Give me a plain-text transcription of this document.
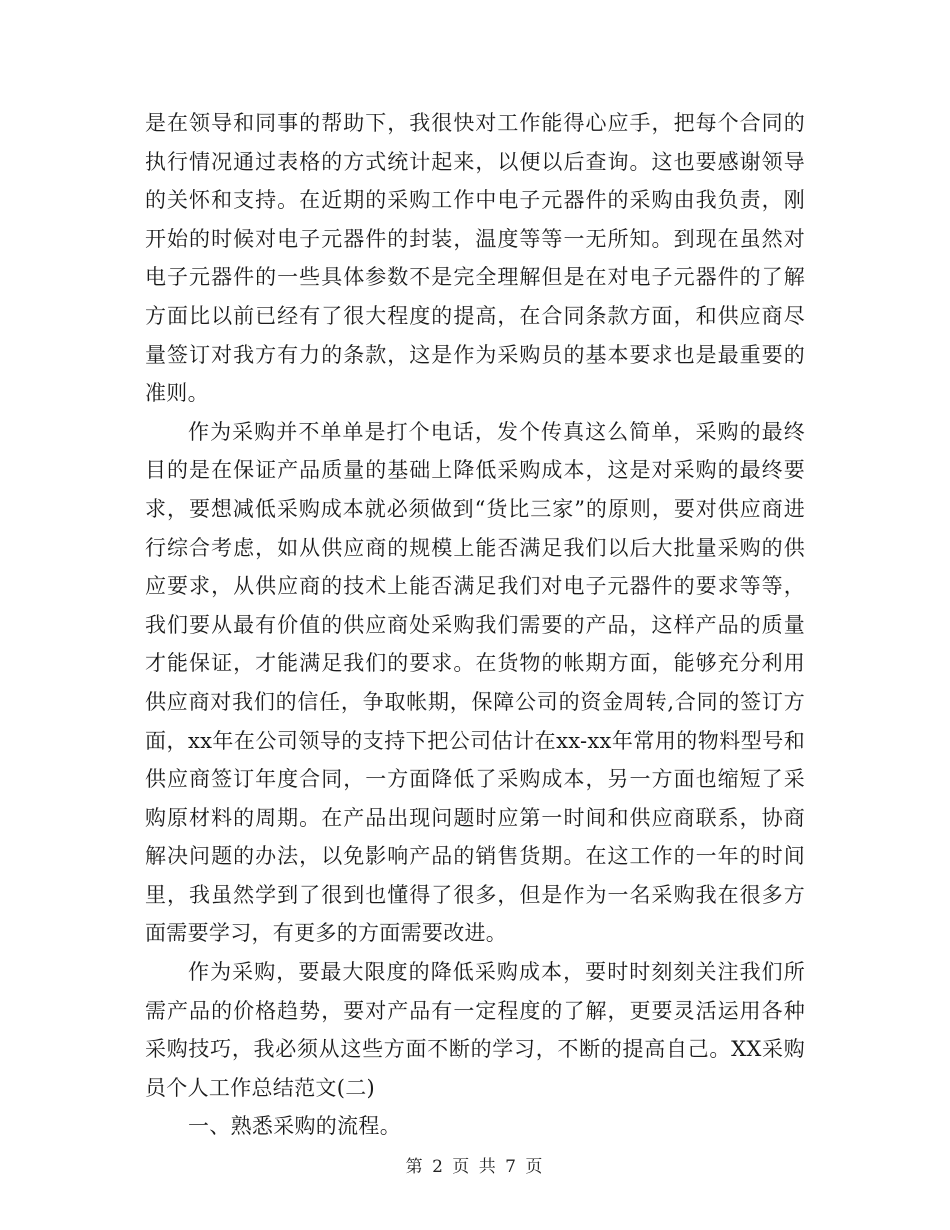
是在领导和同事的帮助下，我很快对工作能得心应手，把每个合同的执行情况通过表格的方式统计起来，以便以后查询。这也要感谢领导的关怀和支持。在近期的采购工作中电子元器件的采购由我负责，刚开始的时候对电子元器件的封装，温度等等一无所知。到现在虽然对电子元器件的一些具体参数不是完全理解但是在对电子元器件的了解方面比以前已经有了很大程度的提高，在合同条款方面，和供应商尽量签订对我方有力的条款，这是作为采购员的基本要求也是最重要的准则。

作为采购并不单单是打个电话，发个传真这么简单，采购的最终目的是在保证产品质量的基础上降低采购成本，这是对采购的最终要求，要想减低采购成本就必须做到“货比三家”的原则，要对供应商进行综合考虑，如从供应商的规模上能否满足我们以后大批量采购的供应要求，从供应商的技术上能否满足我们对电子元器件的要求等等，我们要从最有价值的供应商处采购我们需要的产品，这样产品的质量才能保证，才能满足我们的要求。在货物的帐期方面，能够充分利用供应商对我们的信任，争取帐期，保障公司的资金周转,合同的签订方面，xx年在公司领导的支持下把公司估计在xx-xx年常用的物料型号和供应商签订年度合同，一方面降低了采购成本，另一方面也缩短了采购原材料的周期。在产品出现问题时应第一时间和供应商联系，协商解决问题的办法，以免影响产品的销售货期。在这工作的一年的时间里，我虽然学到了很到也懂得了很多，但是作为一名采购我在很多方面需要学习，有更多的方面需要改进。

作为采购，要最大限度的降低采购成本，要时时刻刻关注我们所需产品的价格趋势，要对产品有一定程度的了解，更要灵活运用各种采购技巧，我必须从这些方面不断的学习，不断的提高自己。XX采购员个人工作总结范文(二)

一、熟悉采购的流程。

第 2 页 共 7 页
